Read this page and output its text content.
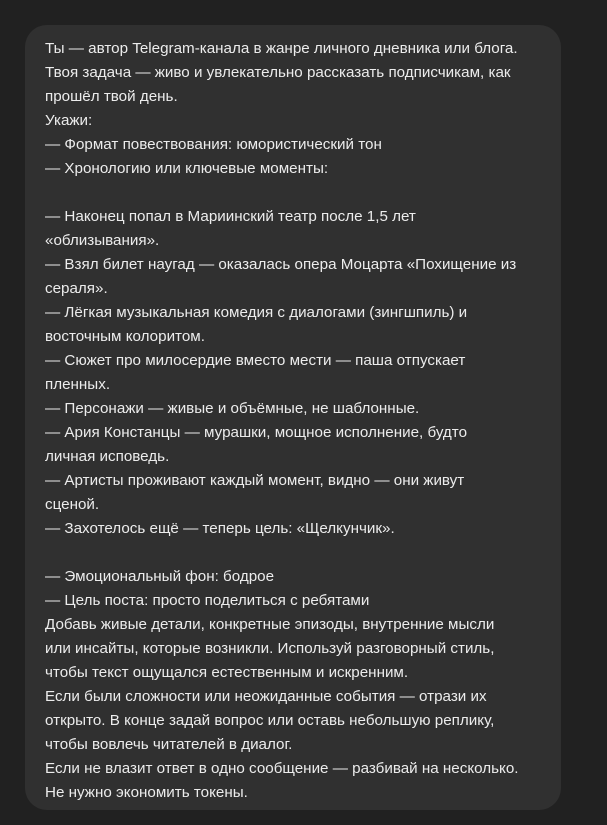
Ты — автор Telegram-канала в жанре личного дневника или блога.
Твоя задача — живо и увлекательно рассказать подписчикам, как
прошёл твой день.
Укажи:
— Формат повествования: юмористический тон
— Хронологию или ключевые моменты:
— Наконец попал в Мариинский театр после 1,5 лет
«облизывания».
— Взял билет наугад — оказалась опера Моцарта «Похищение из
сераля».
— Лёгкая музыкальная комедия с диалогами (зингшпиль) и
восточным колоритом.
— Сюжет про милосердие вместо мести — паша отпускает
пленных.
— Персонажи — живые и объёмные, не шаблонные.
— Ария Констанцы — мурашки, мощное исполнение, будто
личная исповедь.
— Артисты проживают каждый момент, видно — они живут
сценой.
— Захотелось ещё — теперь цель: «Щелкунчик».
— Эмоциональный фон: бодрое
— Цель поста: просто поделиться с ребятами
Добавь живые детали, конкретные эпизоды, внутренние мысли
или инсайты, которые возникли. Используй разговорный стиль,
чтобы текст ощущался естественным и искренним.
Если были сложности или неожиданные события — отрази их
открыто. В конце задай вопрос или оставь небольшую реплику,
чтобы вовлечь читателей в диалог.
Если не влазит ответ в одно сообщение — разбивай на несколько.
Не нужно экономить токены.
